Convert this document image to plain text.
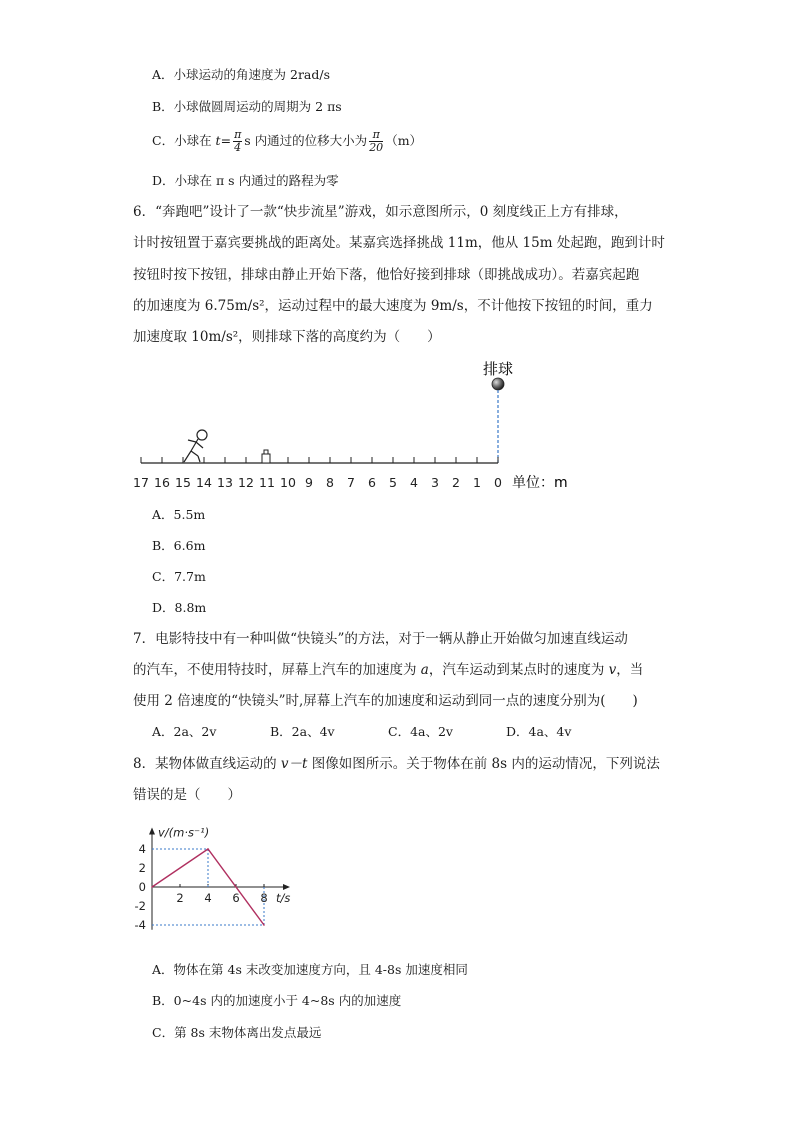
A．小球运动的角速度为 2rad/s
B．小球做圆周运动的周期为 2 πs
C．小球在 $t= \frac{\pi}{4}$ s 内通过的位移大小为 $\frac{\pi}{20} (m)$
D．小球在 π s 内通过的路程为零
6．“奔跑吧”设计了一款“快步流星”游戏，如示意图所示，0 刻度线正上方有排球，
计时按钮置于嘉宾要挑战的距离处。某嘉宾选择挑战 11m，他从 15m 处起跑，跑到计时
按钮时按下按钮，排球由静止开始下落，他恰好接到排球（即挑战成功）。若嘉宾起跑
的加速度为 6.75m/s²，运动过程中的最大速度为 9m/s，不计他按下按钮的时间，重力
加速度取 10m/s²，则排球下落的高度约为（　　）
排球
17 16 15 14 13 12 11 10 9 8 7 6 5 4 3 2 1 0 单位：m
A．5.5m
B．6.6m
C．7.7m
D．8.8m
7．电影特技中有一种叫做“快镜头”的方法，对于一辆从静止开始做匀加速直线运动
的汽车，不使用特技时，屏幕上汽车的加速度为 a，汽车运动到某点时的速度为 v，当
使用 2 倍速度的“快镜头”时,屏幕上汽车的加速度和运动到同一点的速度分别为(　　)
A．2a、2v	B．2a、4v	C．4a、2v	D．4a、4v
8．某物体做直线运动的 v－t 图像如图所示。关于物体在前 8s 内的运动情况，下列说法
错误的是（　　）
v/(m·s⁻¹)
t/s
4
2
0
-2
-4
2 4 6 8
A．物体在第 4s 末改变加速度方向，且 4-8s 加速度相同
B．0~4s 内的加速度小于 4~8s 内的加速度
C．第 8s 末物体离出发点最远
